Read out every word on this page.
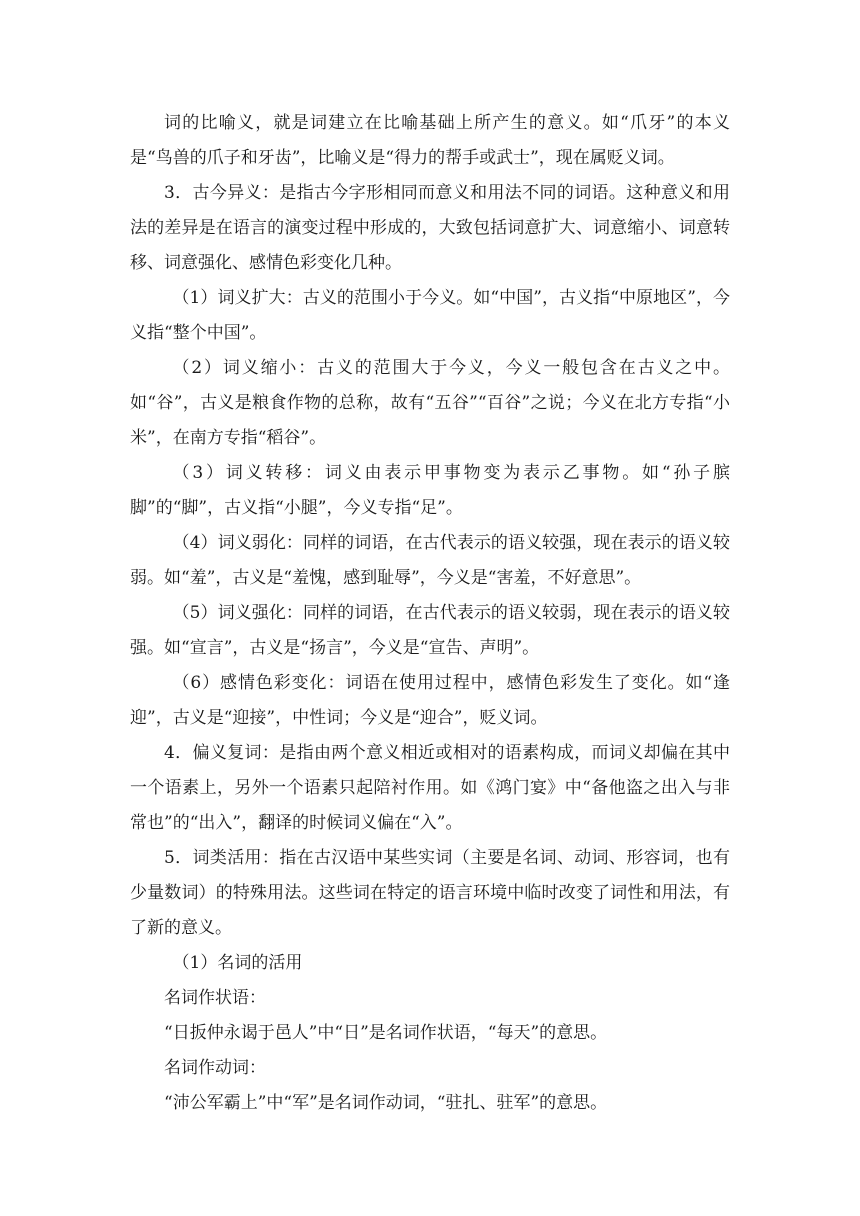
词的比喻义，就是词建立在比喻基础上所产生的意义。如“爪牙”的本义是“鸟兽的爪子和牙齿”，比喻义是“得力的帮手或武士”，现在属贬义词。

3．古今异义：是指古今字形相同而意义和用法不同的词语。这种意义和用法的差异是在语言的演变过程中形成的，大致包括词意扩大、词意缩小、词意转移、词意强化、感情色彩变化几种。

（1）词义扩大：古义的范围小于今义。如“中国”，古义指“中原地区”，今义指“整个中国”。

（2）词义缩小：古义的范围大于今义，今义一般包含在古义之中。如“谷”，古义是粮食作物的总称，故有“五谷”“百谷”之说；今义在北方专指“小米”，在南方专指“稻谷”。

（3）词义转移：词义由表示甲事物变为表示乙事物。如“孙子膑脚”的“脚”，古义指“小腿”，今义专指“足”。

（4）词义弱化：同样的词语，在古代表示的语义较强，现在表示的语义较弱。如“羞”，古义是“羞愧，感到耻辱”，今义是“害羞，不好意思”。

（5）词义强化：同样的词语，在古代表示的语义较弱，现在表示的语义较强。如“宣言”，古义是“扬言”，今义是“宣告、声明”。

（6）感情色彩变化：词语在使用过程中，感情色彩发生了变化。如“逢迎”，古义是“迎接”，中性词；今义是“迎合”，贬义词。

4．偏义复词：是指由两个意义相近或相对的语素构成，而词义却偏在其中一个语素上，另外一个语素只起陪衬作用。如《鸿门宴》中“备他盗之出入与非常也”的“出入”，翻译的时候词义偏在“入”。

5．词类活用：指在古汉语中某些实词（主要是名词、动词、形容词，也有少量数词）的特殊用法。这些词在特定的语言环境中临时改变了词性和用法，有了新的意义。

（1）名词的活用

名词作状语：

“日扳仲永谒于邑人”中“日”是名词作状语，“每天”的意思。

名词作动词：

“沛公军霸上”中“军”是名词作动词，“驻扎、驻军”的意思。
